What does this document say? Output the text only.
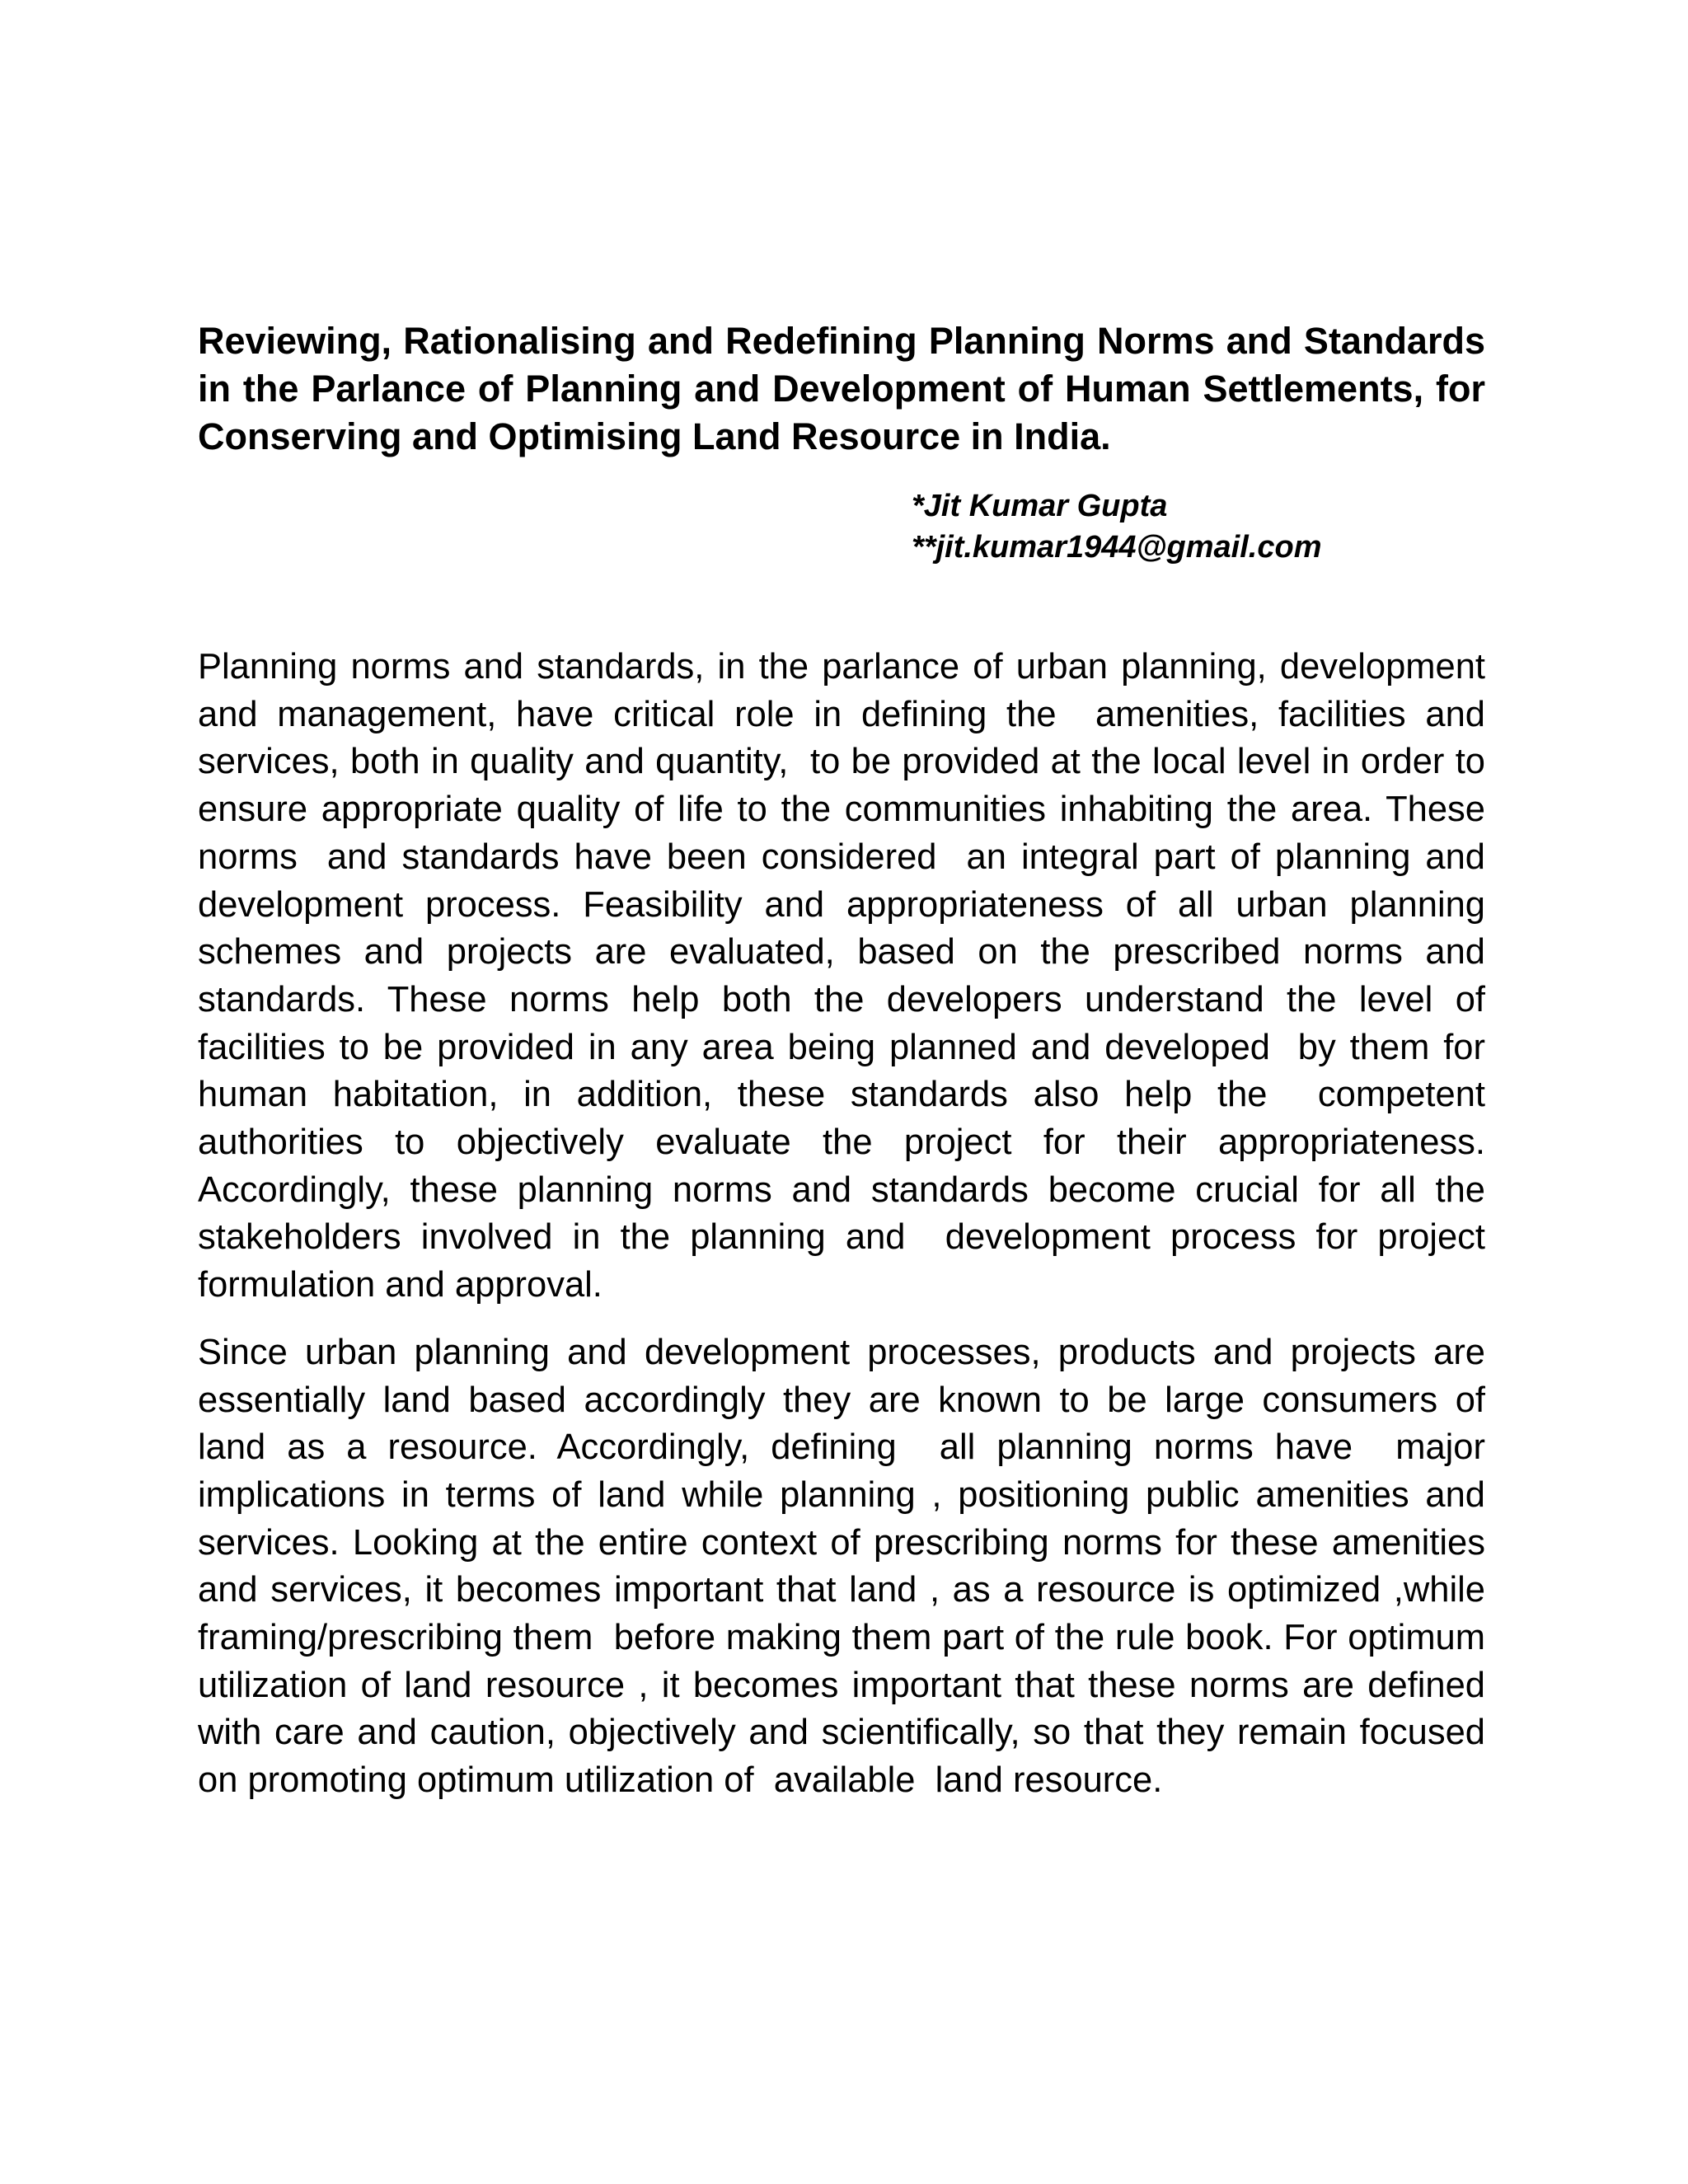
Reviewing, Rationalising and Redefining Planning Norms and Standards in the Parlance of Planning and Development of Human Settlements, for Conserving and Optimising Land Resource in India.
*Jit Kumar Gupta
**jit.kumar1944@gmail.com

Planning norms and standards, in the parlance of urban planning, development and management, have critical role in defining the  amenities, facilities and services, both in quality and quantity,  to be provided at the local level in order to ensure appropriate quality of life to the communities inhabiting the area. These norms  and standards have been considered  an integral part of planning and development process. Feasibility and appropriateness of all urban planning schemes and projects are evaluated, based on the prescribed norms and standards. These norms help both the developers understand the level of facilities to be provided in any area being planned and developed  by them for human habitation, in addition, these standards also help the  competent authorities to objectively evaluate the project for their appropriateness. Accordingly, these planning norms and standards become crucial for all the stakeholders involved in the planning and  development process for project formulation and approval.

Since urban planning and development processes, products and projects are essentially land based accordingly they are known to be large consumers of  land as a resource. Accordingly, defining  all planning norms have  major implications in terms of land while planning , positioning public amenities and services. Looking at the entire context of prescribing norms for these amenities and services, it becomes important that land , as a resource is optimized ,while framing/prescribing them  before making them part of the rule book. For optimum utilization of land resource , it becomes important that these norms are defined  with care and caution, objectively and scientifically, so that they remain focused on promoting optimum utilization of  available  land resource.
